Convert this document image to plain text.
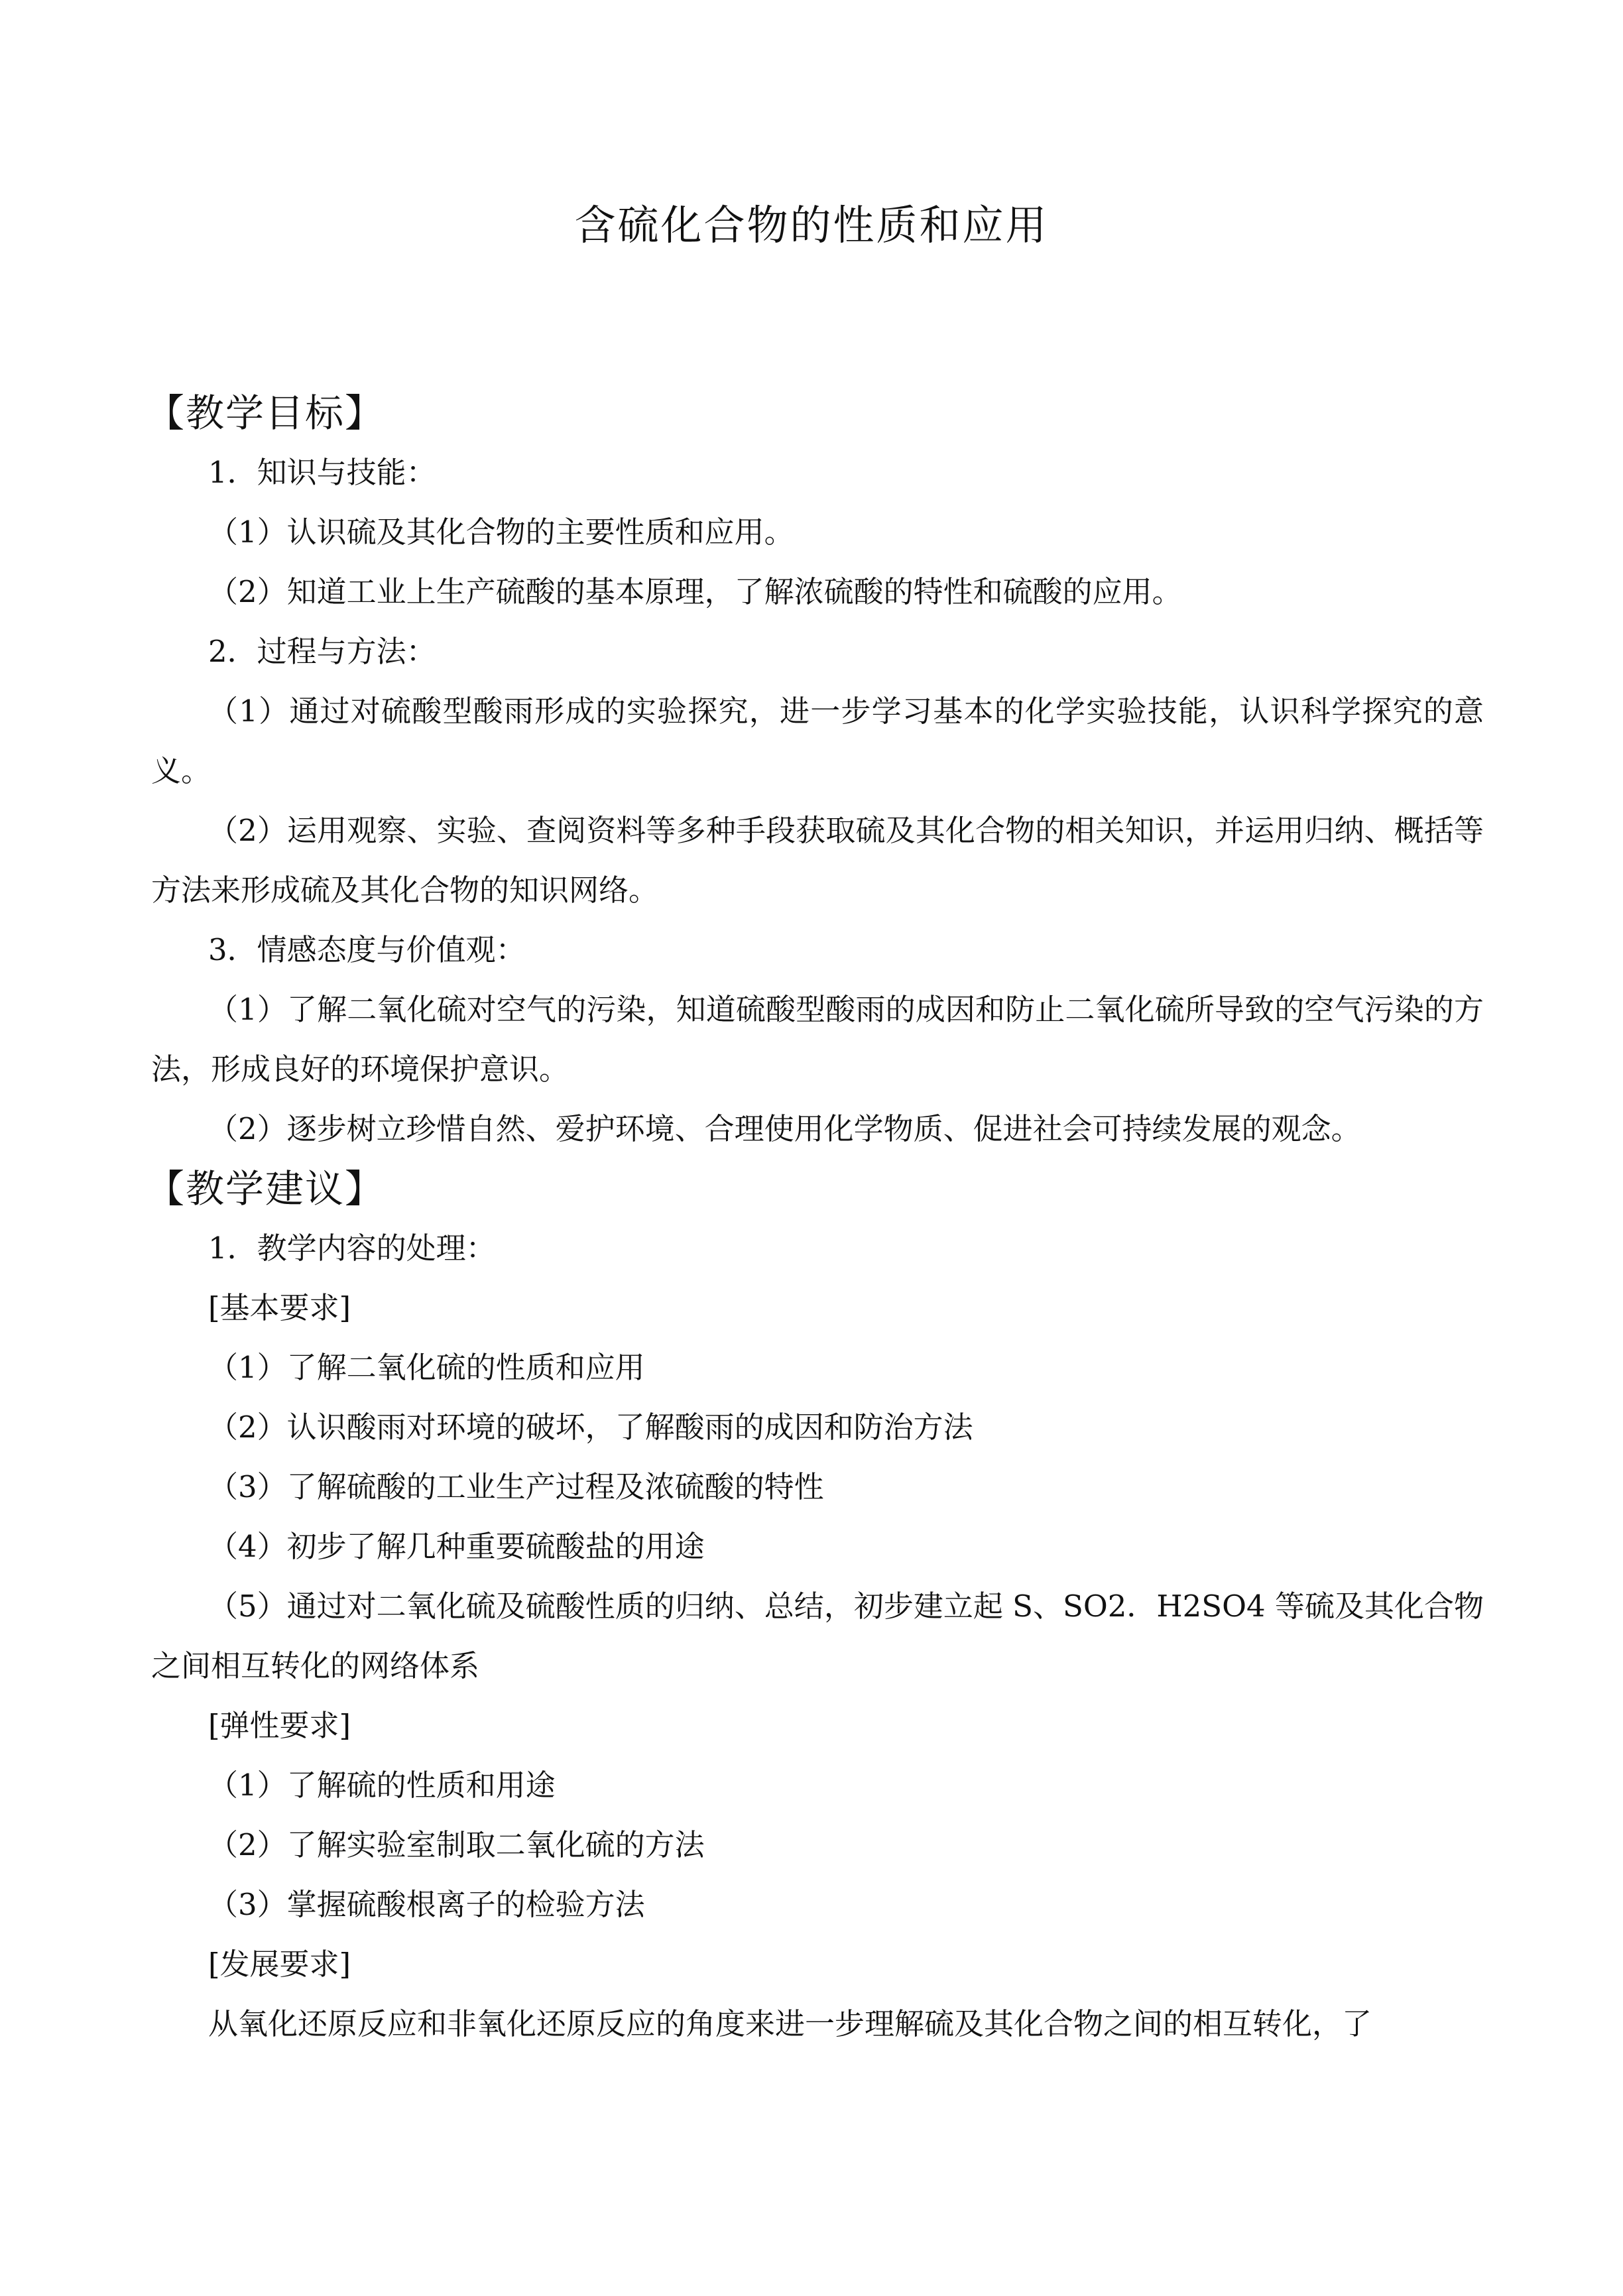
含硫化合物的性质和应用
【教学目标】
1．知识与技能：
（1）认识硫及其化合物的主要性质和应用。
（2）知道工业上生产硫酸的基本原理，了解浓硫酸的特性和硫酸的应用。
2．过程与方法：
（1）通过对硫酸型酸雨形成的实验探究，进一步学习基本的化学实验技能，认识科学探究的意义。
（2）运用观察、实验、查阅资料等多种手段获取硫及其化合物的相关知识，并运用归纳、概括等方法来形成硫及其化合物的知识网络。
3．情感态度与价值观：
（1）了解二氧化硫对空气的污染，知道硫酸型酸雨的成因和防止二氧化硫所导致的空气污染的方法，形成良好的环境保护意识。
（2）逐步树立珍惜自然、爱护环境、合理使用化学物质、促进社会可持续发展的观念。
【教学建议】
1．教学内容的处理：
[基本要求]
（1）了解二氧化硫的性质和应用
（2）认识酸雨对环境的破坏，了解酸雨的成因和防治方法
（3）了解硫酸的工业生产过程及浓硫酸的特性
（4）初步了解几种重要硫酸盐的用途
（5）通过对二氧化硫及硫酸性质的归纳、总结，初步建立起 S、SO2．H2SO4 等硫及其化合物之间相互转化的网络体系
[弹性要求]
（1）了解硫的性质和用途
（2）了解实验室制取二氧化硫的方法
（3）掌握硫酸根离子的检验方法
[发展要求]
从氧化还原反应和非氧化还原反应的角度来进一步理解硫及其化合物之间的相互转化，了
